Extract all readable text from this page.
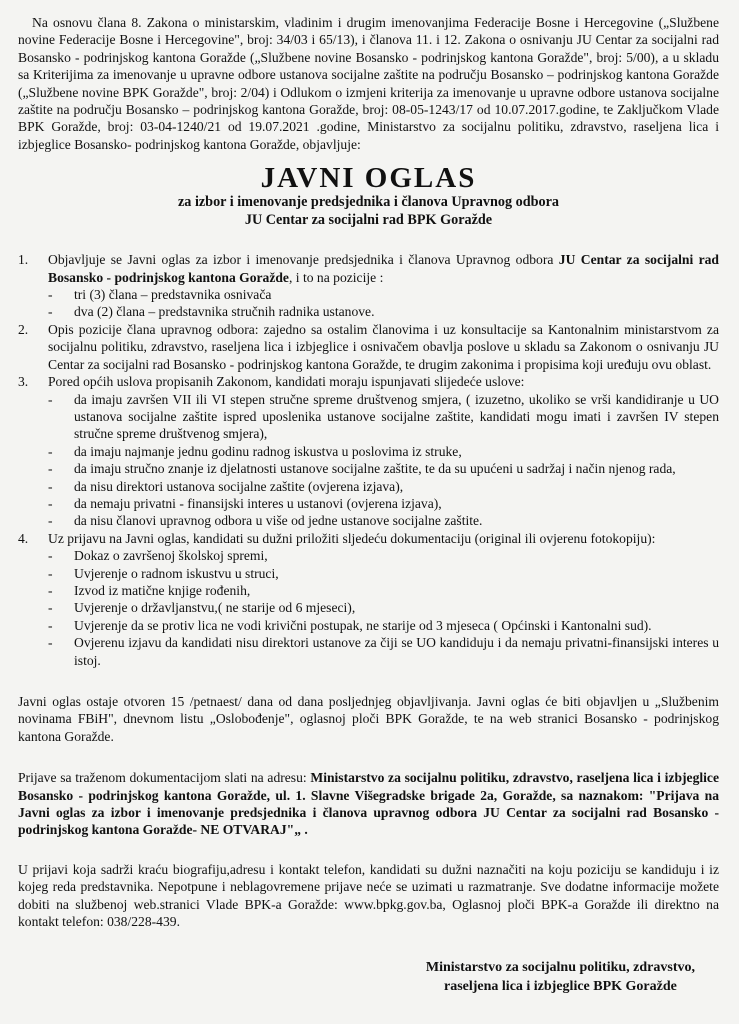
Na osnovu člana 8. Zakona o ministarskim, vladinim i drugim imenovanjima Federacije Bosne i Hercegovine („Službene novine Federacije Bosne i Hercegovine", broj: 34/03 i 65/13), i članova 11. i 12. Zakona o osnivanju JU Centar za socijalni rad Bosansko - podrinjskog kantona Goražde („Službene novine Bosansko - podrinjskog kantona Goražde", broj: 5/00), a u skladu sa Kriterijima za imenovanje u upravne odbore ustanova socijalne zaštite na području Bosansko – podrinjskog kantona Goražde („Službene novine BPK Goražde", broj: 2/04) i Odlukom o izmjeni kriterija za imenovanje u upravne odbore ustanova socijalne zaštite na području Bosansko – podrinjskog kantona Goražde, broj: 08-05-1243/17 od 10.07.2017.godine, te Zaključkom Vlade BPK Goražde, broj: 03-04-1240/21 od 19.07.2021 .godine, Ministarstvo za socijalnu politiku, zdravstvo, raseljena lica i izbjeglice Bosansko- podrinjskog kantona Goražde, objavljuje:

JAVNI OGLAS
za izbor i imenovanje predsjednika i članova Upravnog odbora
JU Centar za socijalni rad BPK Goražde
1.	Objavljuje se Javni oglas za izbor i imenovanje predsjednika i članova Upravnog odbora JU Centar za socijalni rad Bosansko - podrinjskog kantona Goražde, i to na pozicije :
-	tri (3) člana – predstavnika osnivača
-	dva (2) člana – predstavnika stručnih radnika ustanove.
2.	Opis pozicije člana upravnog odbora: zajedno sa ostalim članovima i uz konsultacije sa Kantonalnim ministarstvom za socijalnu politiku, zdravstvo, raseljena lica i izbjeglice i osnivačem obavlja poslove u skladu sa Zakonom o osnivanju JU Centar za socijalni rad Bosansko - podrinjskog kantona Goražde, te drugim zakonima i propisima koji uređuju ovu oblast.
3.	Pored općih uslova propisanih Zakonom, kandidati moraju ispunjavati slijedeće uslove:
-	da imaju završen VII ili VI stepen stručne spreme društvenog smjera, ( izuzetno, ukoliko se vrši kandidiranje u UO ustanova socijalne zaštite ispred uposlenika ustanove socijalne zaštite, kandidati mogu imati i završen IV stepen stručne spreme društvenog smjera),
-	da imaju najmanje jednu godinu radnog iskustva u poslovima iz struke,
-	da imaju stručno znanje iz djelatnosti ustanove socijalne zaštite, te da su upućeni u sadržaj i način njenog rada,
-	da nisu direktori ustanova socijalne zaštite (ovjerena izjava),
-	da nemaju privatni - finansijski interes u ustanovi (ovjerena izjava),
-	da nisu članovi upravnog odbora u više od jedne ustanove socijalne zaštite.
4.	Uz prijavu na Javni oglas, kandidati su dužni priložiti sljedeću dokumentaciju (original ili ovjerenu fotokopiju):
-	Dokaz o završenoj školskoj spremi,
-	Uvjerenje o radnom iskustvu u struci,
-	Izvod iz matične knjige rođenih,
-	Uvjerenje o državljanstvu,( ne starije od 6 mjeseci),
-	Uvjerenje da se protiv lica ne vodi krivični postupak, ne starije od 3 mjeseca ( Općinski i Kantonalni sud).
-	Ovjerenu izjavu da kandidati nisu direktori ustanove za čiji se UO kandiduju i da nemaju privatni-finansijski interes u istoj.

Javni oglas ostaje otvoren 15 /petnaest/ dana od dana posljednjeg objavljivanja. Javni oglas će biti objavljen u „Službenim novinama FBiH", dnevnom listu „Oslobođenje", oglasnoj ploči BPK Goražde, te na web stranici Bosansko - podrinjskog kantona Goražde.

Prijave sa traženom dokumentacijom slati na adresu: Ministarstvo za socijalnu politiku, zdravstvo, raseljena lica i izbjeglice Bosansko - podrinjskog kantona Goražde, ul. 1. Slavne Višegradske brigade 2a, Goražde, sa naznakom: "Prijava na Javni oglas za izbor i imenovanje predsjednika i članova upravnog odbora JU Centar za socijalni rad Bosansko - podrinjskog kantona Goražde- NE OTVARAJ"„ .

U prijavi koja sadrži kraću biografiju,adresu i kontakt telefon, kandidati su dužni naznačiti na koju poziciju se kandiduju i iz kojeg reda predstavnika. Nepotpune i neblagovremene prijave neće se uzimati u razmatranje. Sve dodatne informacije možete dobiti na službenoj web.stranici Vlade BPK-a Goražde: www.bpkg.gov.ba, Oglasnoj ploči BPK-a Goražde ili direktno na kontakt telefon: 038/228-439.

Ministarstvo za socijalnu politiku, zdravstvo,
raseljena lica i izbjeglice BPK Goražde
